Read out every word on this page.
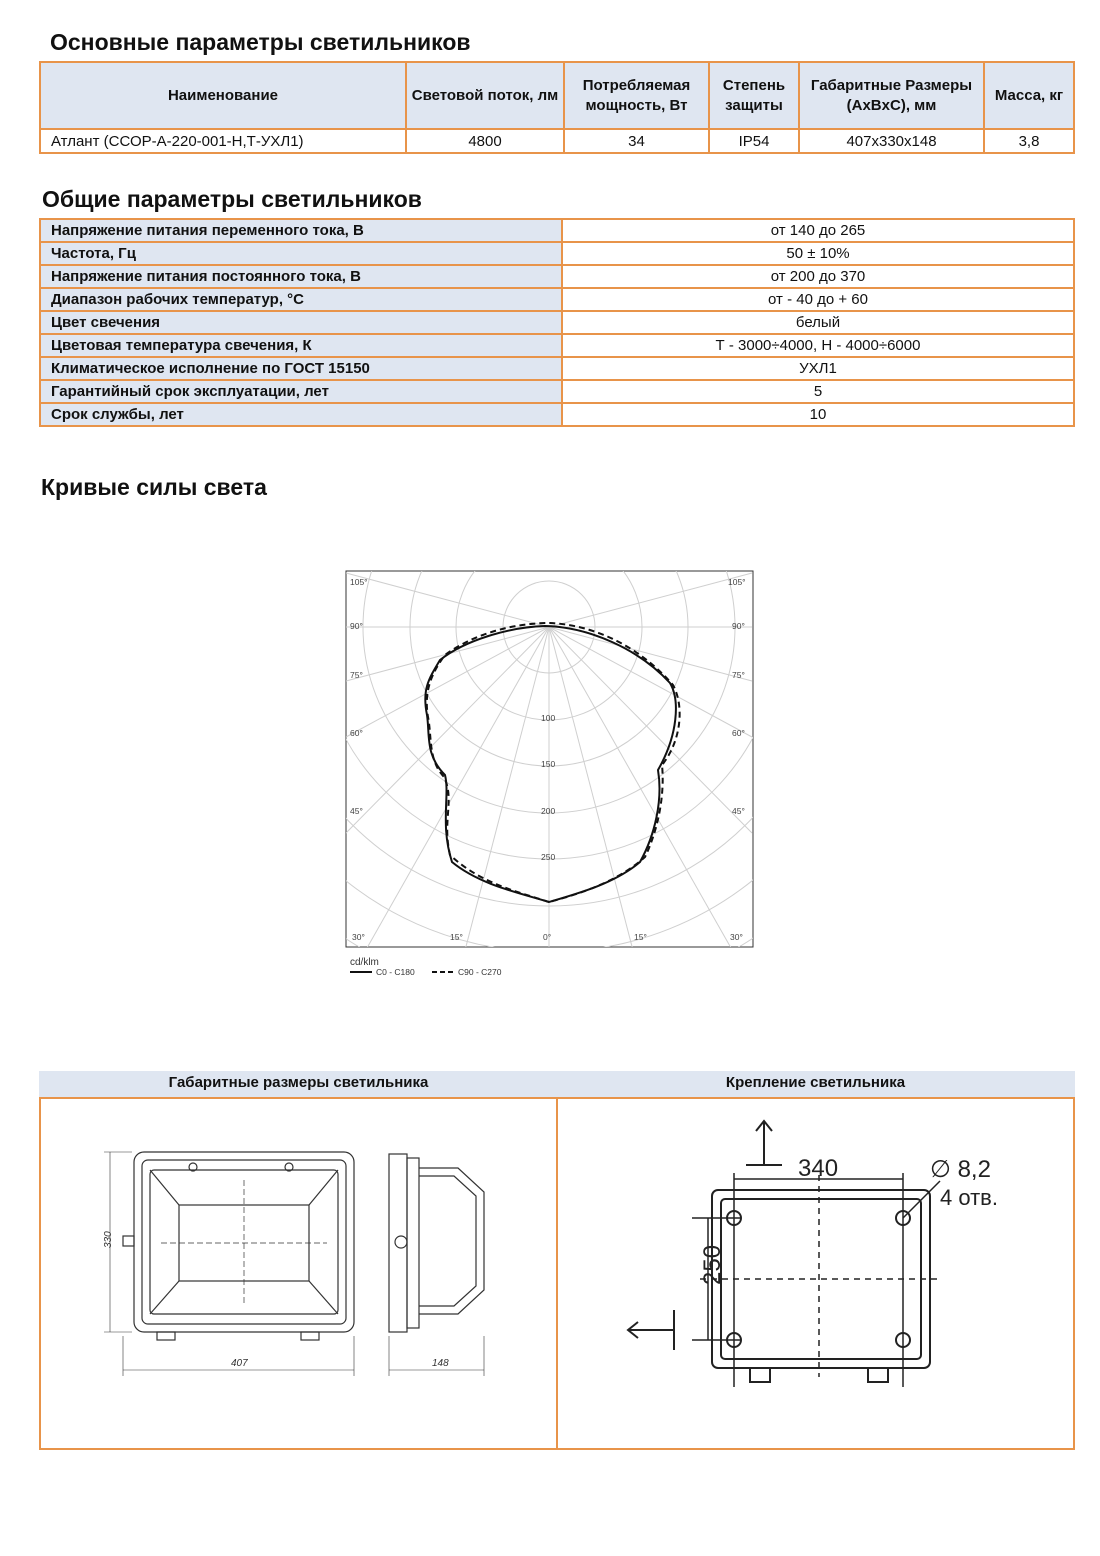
Основные параметры светильников
Наименование	Световой поток, лм	Потребляемая мощность, Вт	Степень защиты	Габаритные Размеры (АxВxС), мм	Масса, кг
Атлант (ССОР-А-220-001-Н,Т-УХЛ1)	4800	34	IP54	407x330x148	3,8
Общие параметры светильников
Напряжение питания переменного тока, В	от 140 до 265
Частота, Гц	50 ± 10%
Напряжение питания постоянного тока, В	от 200 до 370
Диапазон рабочих температур, °С	от - 40 до + 60
Цвет свечения	белый
Цветовая температура свечения, К	Т - 3000÷4000, Н - 4000÷6000
Климатическое исполнение по ГОСТ 15150	УХЛ1
Гарантийный срок эксплуатации, лет	5
Срок службы, лет	10
Кривые силы света
105°	105°
90°	90°
75°	75°
60°	60°
45°	45°
30°	15°	0°	15°	30°
100
150
200
250
cd/klm
C0 - C180	C90 - C270
Габаритные размеры светильника	Крепление светильника
330
407	148
340
250
∅ 8,2
4 отв.
